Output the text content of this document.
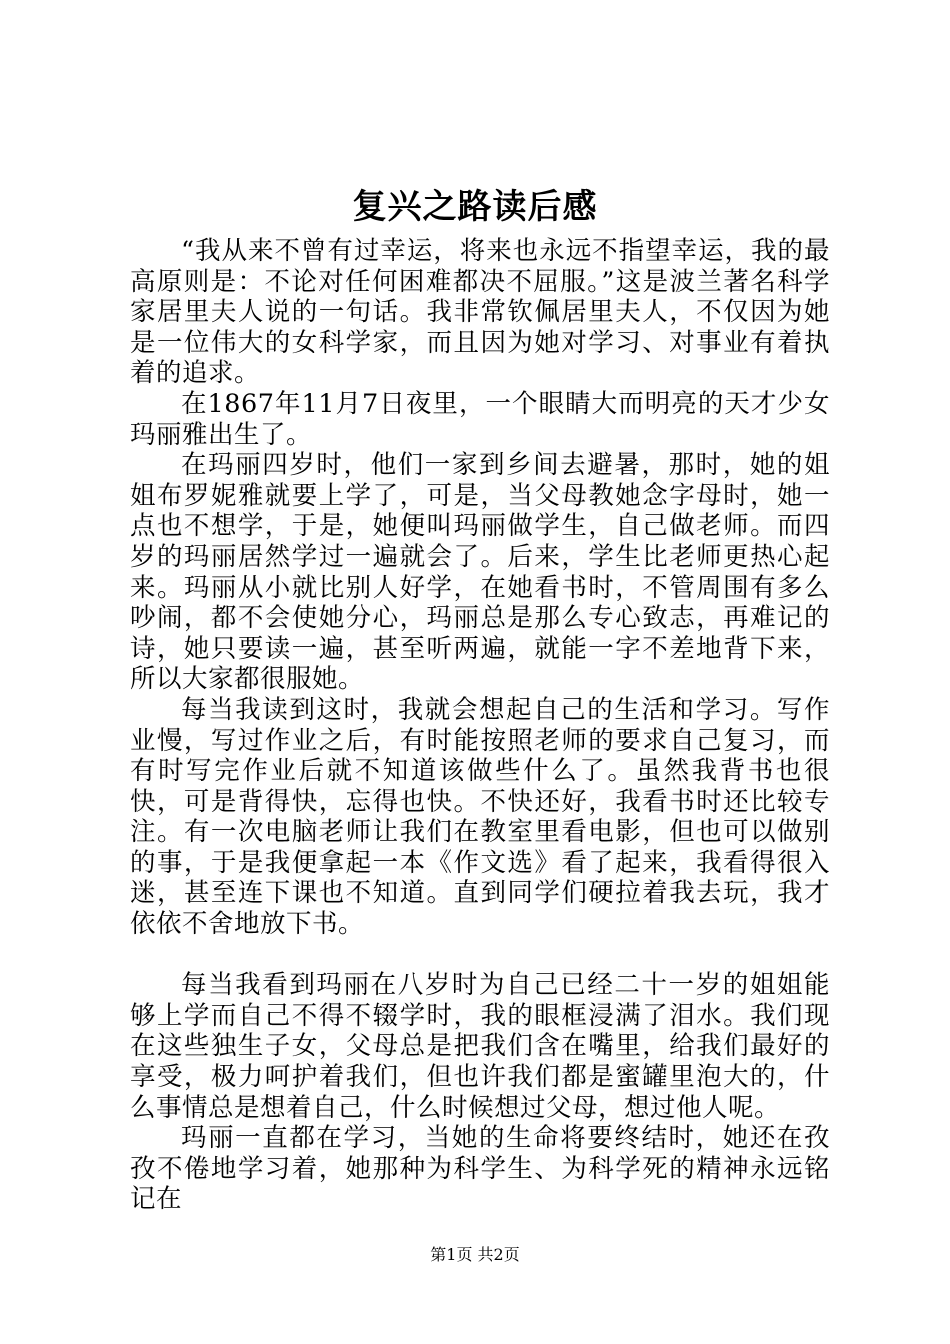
复兴之路读后感

“我从来不曾有过幸运，将来也永远不指望幸运，我的最高原则是：不论对任何困难都决不屈服。”这是波兰著名科学家居里夫人说的一句话。我非常钦佩居里夫人，不仅因为她是一位伟大的女科学家，而且因为她对学习、对事业有着执着的追求。

在1867年11月7日夜里，一个眼睛大而明亮的天才少女玛丽雅出生了。

在玛丽四岁时，他们一家到乡间去避暑，那时，她的姐姐布罗妮雅就要上学了，可是，当父母教她念字母时，她一点也不想学，于是，她便叫玛丽做学生，自己做老师。而四岁的玛丽居然学过一遍就会了。后来，学生比老师更热心起来。玛丽从小就比别人好学，在她看书时，不管周围有多么吵闹，都不会使她分心，玛丽总是那么专心致志，再难记的诗，她只要读一遍，甚至听两遍，就能一字不差地背下来，所以大家都很服她。

每当我读到这时，我就会想起自己的生活和学习。写作业慢，写过作业之后，有时能按照老师的要求自己复习，而有时写完作业后就不知道该做些什么了。虽然我背书也很快，可是背得快，忘得也快。不快还好，我看书时还比较专注。有一次电脑老师让我们在教室里看电影，但也可以做别的事，于是我便拿起一本《作文选》看了起来，我看得很入迷，甚至连下课也不知道。直到同学们硬拉着我去玩，我才依依不舍地放下书。

每当我看到玛丽在八岁时为自己已经二十一岁的姐姐能够上学而自己不得不辍学时，我的眼框浸满了泪水。我们现在这些独生子女，父母总是把我们含在嘴里，给我们最好的享受，极力呵护着我们，但也许我们都是蜜罐里泡大的，什么事情总是想着自己，什么时候想过父母，想过他人呢。

玛丽一直都在学习，当她的生命将要终结时，她还在孜孜不倦地学习着，她那种为科学生、为科学死的精神永远铭记在

第1页 共2页
